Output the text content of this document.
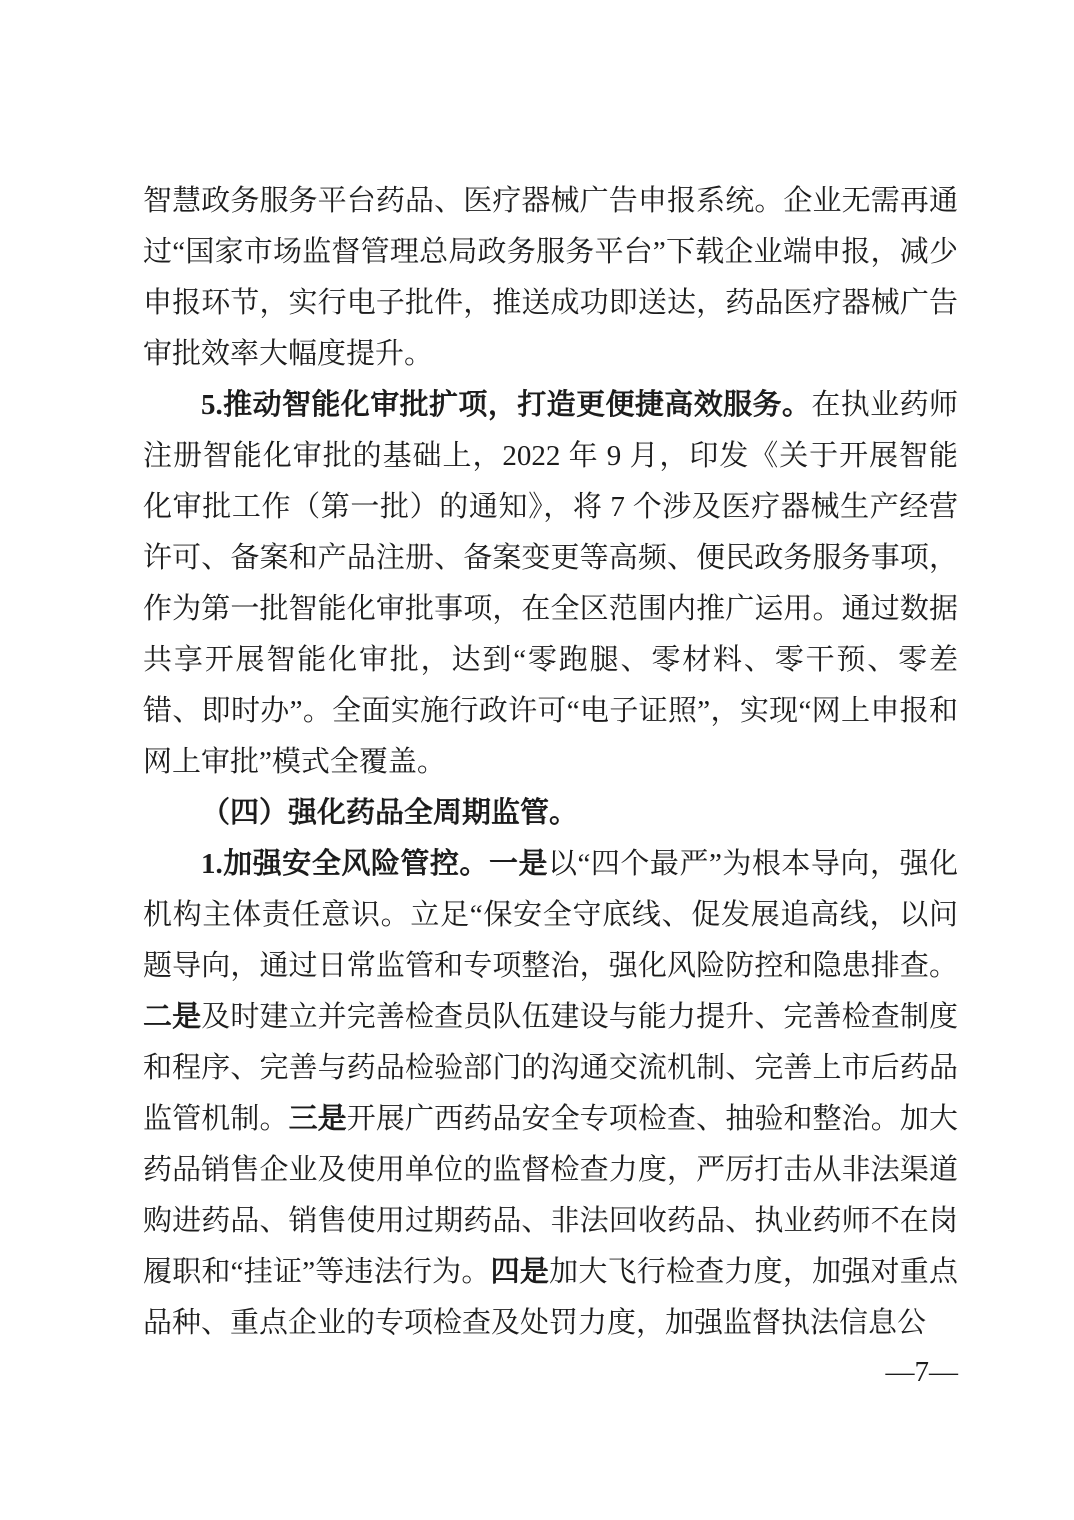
智慧政务服务平台药品、医疗器械广告申报系统。企业无需再通过“国家市场监督管理总局政务服务平台”下载企业端申报，减少申报环节，实行电子批件，推送成功即送达，药品医疗器械广告审批效率大幅度提升。

5.推动智能化审批扩项，打造更便捷高效服务。在执业药师注册智能化审批的基础上，2022 年 9 月，印发《关于开展智能化审批工作（第一批）的通知》，将 7 个涉及医疗器械生产经营许可、备案和产品注册、备案变更等高频、便民政务服务事项，作为第一批智能化审批事项，在全区范围内推广运用。通过数据共享开展智能化审批，达到“零跑腿、零材料、零干预、零差错、即时办”。全面实施行政许可“电子证照”，实现“网上申报和网上审批”模式全覆盖。

（四）强化药品全周期监管。

1.加强安全风险管控。一是以“四个最严”为根本导向，强化机构主体责任意识。立足“保安全守底线、促发展追高线，以问题导向，通过日常监管和专项整治，强化风险防控和隐患排查。二是及时建立并完善检查员队伍建设与能力提升、完善检查制度和程序、完善与药品检验部门的沟通交流机制、完善上市后药品监管机制。三是开展广西药品安全专项检查、抽验和整治。加大药品销售企业及使用单位的监督检查力度，严厉打击从非法渠道购进药品、销售使用过期药品、非法回收药品、执业药师不在岗履职和“挂证”等违法行为。四是加大飞行检查力度，加强对重点品种、重点企业的专项检查及处罚力度，加强监督执法信息公

—7—
